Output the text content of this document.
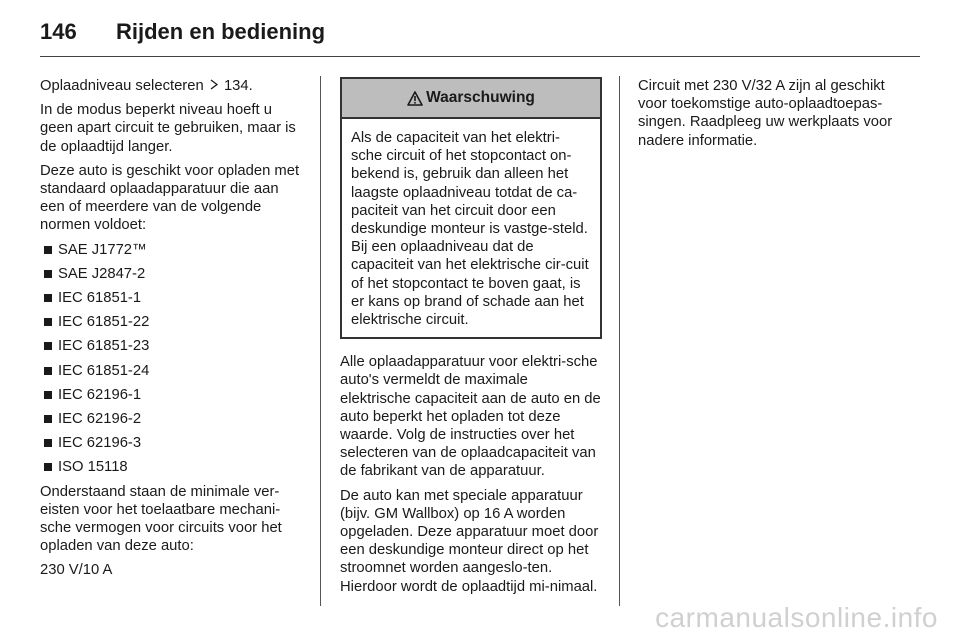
146 Rijden en bediening

Oplaadniveau selecteren 134.

In de modus beperkt niveau hoeft u geen apart circuit te gebruiken, maar is de oplaadtijd langer.

Deze auto is geschikt voor opladen met standaard oplaadapparatuur die aan een of meerdere van de volgende normen voldoet:

SAE J1772™
SAE J2847-2
IEC 61851-1
IEC 61851-22
IEC 61851-23
IEC 61851-24
IEC 62196-1
IEC 62196-2
IEC 62196-3
ISO 15118

Onderstaand staan de minimale ver-eisten voor het toelaatbare mechani-sche vermogen voor circuits voor het opladen van deze auto:

230 V/10 A

Waarschuwing
Als de capaciteit van het elektri-sche circuit of het stopcontact on-bekend is, gebruik dan alleen het laagste oplaadniveau totdat de ca-paciteit van het circuit door een deskundige monteur is vastge-steld. Bij een oplaadniveau dat de capaciteit van het elektrische cir-cuit of het stopcontact te boven gaat, is er kans op brand of schade aan het elektrische circuit.

Alle oplaadapparatuur voor elektri-sche auto's vermeldt de maximale elektrische capaciteit aan de auto en de auto beperkt het opladen tot deze waarde. Volg de instructies over het selecteren van de oplaadcapaciteit van de fabrikant van de apparatuur.

De auto kan met speciale apparatuur (bijv. GM Wallbox) op 16 A worden opgeladen. Deze apparatuur moet door een deskundige monteur direct op het stroomnet worden aangeslo-ten. Hierdoor wordt de oplaadtijd mi-nimaal.

Circuit met 230 V/32 A zijn al geschikt voor toekomstige auto-oplaadtoepas-singen. Raadpleeg uw werkplaats voor nadere informatie.

carmanualsonline.info
